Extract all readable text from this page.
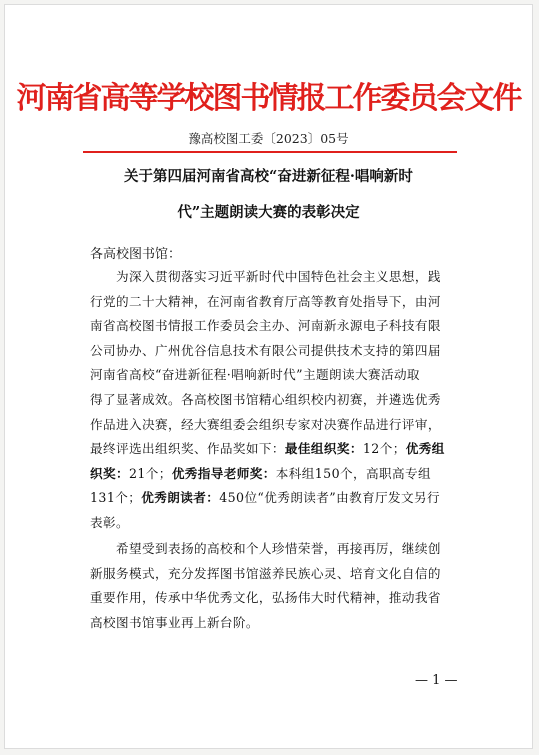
河南省高等学校图书情报工作委员会文件
豫高校图工委〔2023〕05号
关于第四届河南省高校“奋进新征程·唱响新时
代”主题朗读大赛的表彰决定
各高校图书馆：
为深入贯彻落实习近平新时代中国特色社会主义思想，践
行党的二十大精神，在河南省教育厅高等教育处指导下，由河
南省高校图书情报工作委员会主办、河南新永源电子科技有限
公司协办、广州优谷信息技术有限公司提供技术支持的第四届
河南省高校“奋进新征程·唱响新时代”主题朗读大赛活动取
得了显著成效。各高校图书馆精心组织校内初赛，并遴选优秀
作品进入决赛，经大赛组委会组织专家对决赛作品进行评审，
最终评选出组织奖、作品奖如下：最佳组织奖：12个；优秀组
织奖：21个；优秀指导老师奖：本科组150个，高职高专组
131个；优秀朗读者：450位“优秀朗读者”由教育厅发文另行
表彰。
希望受到表扬的高校和个人珍惜荣誉，再接再厉，继续创
新服务模式，充分发挥图书馆滋养民族心灵、培育文化自信的
重要作用，传承中华优秀文化，弘扬伟大时代精神，推动我省
高校图书馆事业再上新台阶。
— 1 —
